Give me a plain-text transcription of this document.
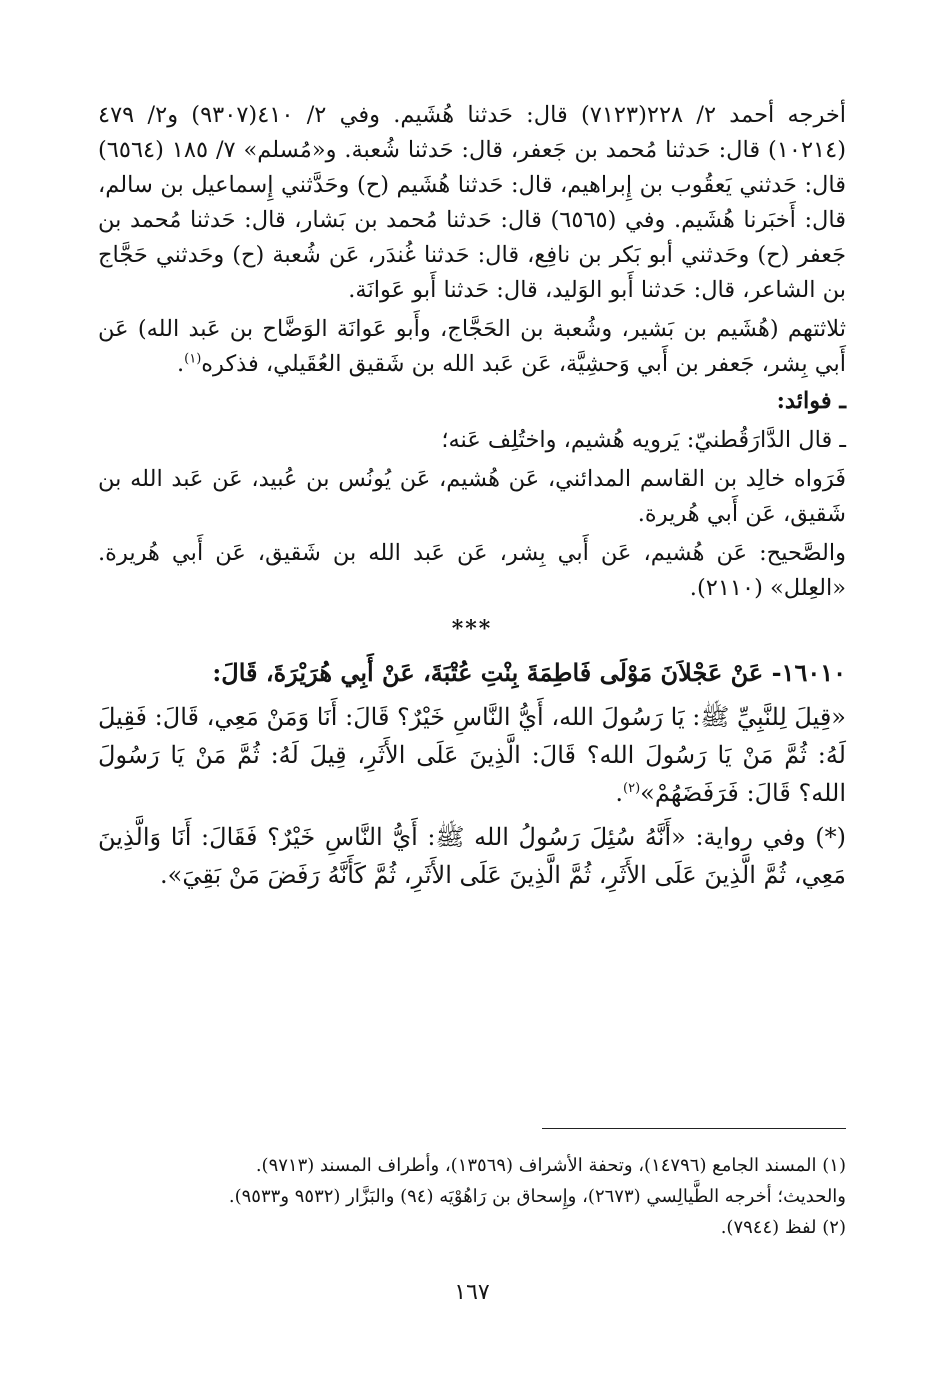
أخرجه أحمد ٢/ ٢٢٨(٧١٢٣) قال: حَدثنا هُشَيم. وفي ٢/ ٤١٠(٩٣٠٧) و٢/ ٤٧٩ (١٠٢١٤) قال: حَدثنا مُحمد بن جَعفر، قال: حَدثنا شُعبة. و«مُسلم» ٧/ ١٨٥ (٦٥٦٤) قال: حَدثني يَعقُوب بن إِبراهيم، قال: حَدثنا هُشَيم (ح) وحَدَّثني إِسماعيل بن سالم، قال: أَخبَرنا هُشَيم. وفي (٦٥٦٥) قال: حَدثنا مُحمد بن بَشار، قال: حَدثنا مُحمد بن جَعفر (ح) وحَدثني أبو بَكر بن نافِع، قال: حَدثنا غُندَر، عَن شُعبة (ح) وحَدثني حَجَّاج بن الشاعر، قال: حَدثنا أَبو الوَليد، قال: حَدثنا أَبو عَوانَة.

ثلاثتهم (هُشَيم بن بَشير، وشُعبة بن الحَجَّاج، وأَبو عَوانَة الوَضَّاح بن عَبد الله) عَن أَبي بِشر، جَعفر بن أَبي وَحشِيَّة، عَن عَبد الله بن شَقيق العُقَيلي، فذكره$^{(١)}$.

ـ فوائد:

ـ قال الدَّارَقُطنيّ: يَرويه هُشيم، واختُلِف عَنه؛

فَرَواه خالِد بن القاسم المدائني، عَن هُشيم، عَن يُونُس بن عُبيد، عَن عَبد الله بن شَقيق، عَن أَبي هُريرة.

والصَّحيح: عَن هُشيم، عَن أَبي بِشر، عَن عَبد الله بن شَقيق، عَن أَبي هُريرة. «العِلل» (٢١١٠).

***

١٦٠١٠- عَنْ عَجْلاَنَ مَوْلَى فَاطِمَةَ بِنْتِ عُتْبَةَ، عَنْ أَبِي هُرَيْرَةَ، قَالَ:

«قِيلَ لِلنَّبِيِّ ﷺ: يَا رَسُولَ الله، أَيُّ النَّاسِ خَيْرٌ؟ قَالَ: أَنَا وَمَنْ مَعِي، قَالَ: فَقِيلَ لَهُ: ثُمَّ مَنْ يَا رَسُولَ الله؟ قَالَ: الَّذِينَ عَلَى الأَثَرِ، قِيلَ لَهُ: ثُمَّ مَنْ يَا رَسُولَ الله؟ قَالَ: فَرَفَضَهُمْ»$^{(٢)}$.

(*) وفي رواية: «أَنَّهُ سُئِلَ رَسُولُ الله ﷺ: أَيُّ النَّاسِ خَيْرٌ؟ فَقَالَ: أَنَا وَالَّذِينَ مَعِي، ثُمَّ الَّذِينَ عَلَى الأَثَرِ، ثُمَّ الَّذِينَ عَلَى الأَثَرِ، ثُمَّ كَأَنَّهُ رَفَضَ مَنْ بَقِيَ».

(١) المسند الجامع (١٤٧٩٦)، وتحفة الأشراف (١٣٥٦٩)، وأطراف المسند (٩٧١٣).

والحديث؛ أخرجه الطَّيالِسي (٢٦٧٣)، وإِسحاق بن رَاهُوْيَه (٩٤) والبَزَّار (٩٥٣٢ و٩٥٣٣).

(٢) لفظ (٧٩٤٤).

١٦٧
